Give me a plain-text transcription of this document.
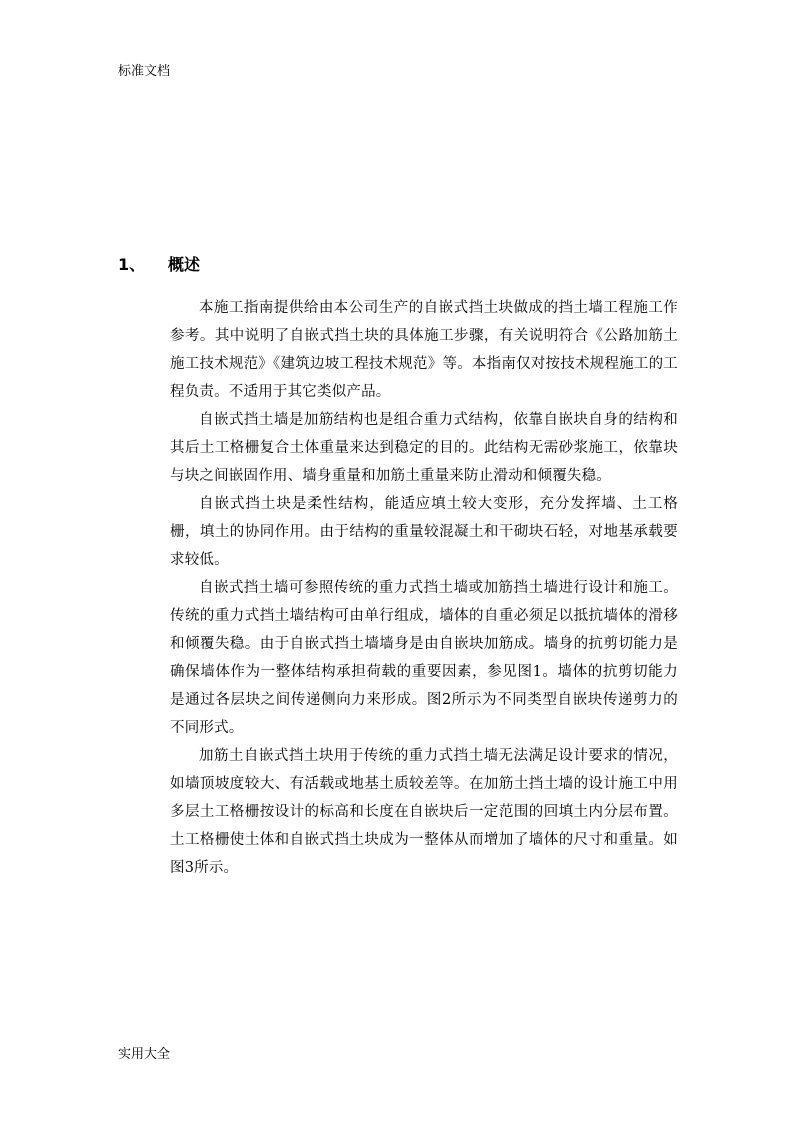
标准文档
1、 概述

本施工指南提供给由本公司生产的自嵌式挡土块做成的挡土墙工程施工作参考。其中说明了自嵌式挡土块的具体施工步骤，有关说明符合《公路加筋土施工技术规范》《建筑边坡工程技术规范》等。本指南仅对按技术规程施工的工程负责。不适用于其它类似产品。

自嵌式挡土墙是加筋结构也是组合重力式结构，依靠自嵌块自身的结构和其后土工格栅复合土体重量来达到稳定的目的。此结构无需砂浆施工，依靠块与块之间嵌固作用、墙身重量和加筋土重量来防止滑动和倾覆失稳。

自嵌式挡土块是柔性结构，能适应填土较大变形，充分发挥墙、土工格栅，填土的协同作用。由于结构的重量较混凝土和干砌块石轻，对地基承载要求较低。

自嵌式挡土墙可参照传统的重力式挡土墙或加筋挡土墙进行设计和施工。传统的重力式挡土墙结构可由单行组成，墙体的自重必须足以抵抗墙体的滑移和倾覆失稳。由于自嵌式挡土墙墙身是由自嵌块加筋成。墙身的抗剪切能力是确保墙体作为一整体结构承担荷载的重要因素，参见图1。墙体的抗剪切能力是通过各层块之间传递侧向力来形成。图2所示为不同类型自嵌块传递剪力的不同形式。

加筋土自嵌式挡土块用于传统的重力式挡土墙无法满足设计要求的情况，如墙顶坡度较大、有活载或地基土质较差等。在加筋土挡土墙的设计施工中用多层土工格栅按设计的标高和长度在自嵌块后一定范围的回填土内分层布置。土工格栅使土体和自嵌式挡土块成为一整体从而增加了墙体的尺寸和重量。如图3所示。

实用大全
